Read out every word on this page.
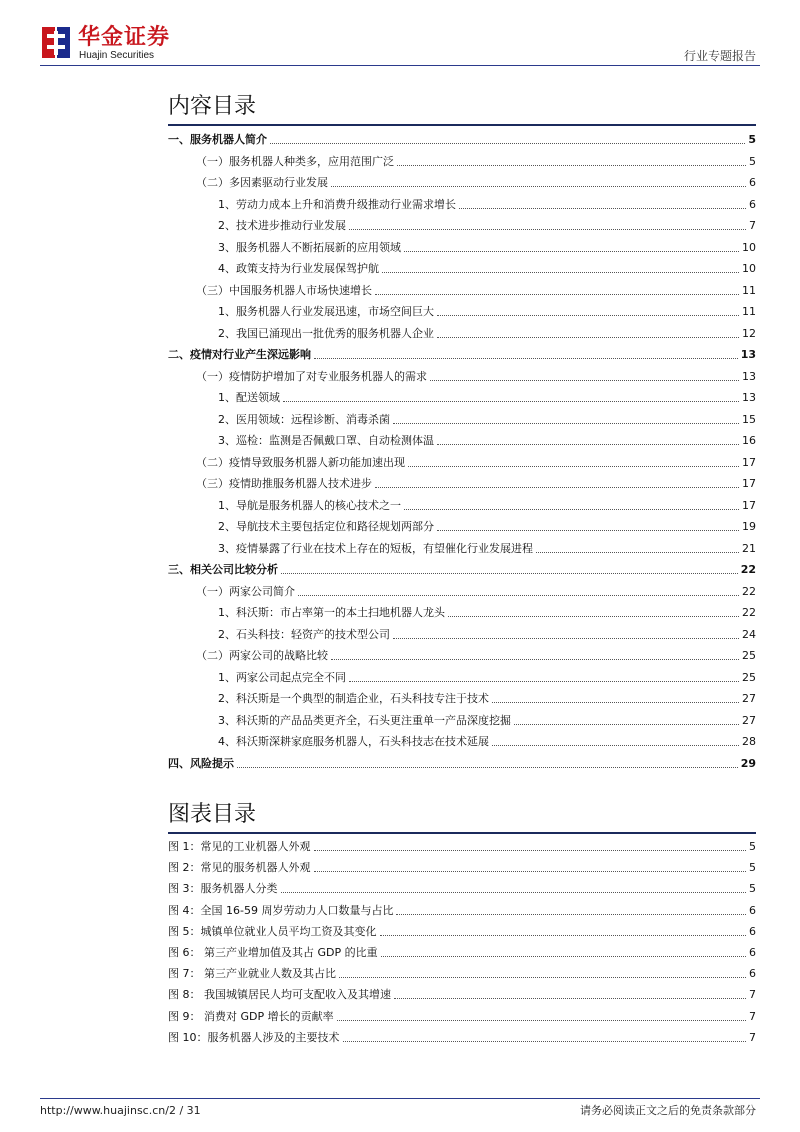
华金证券
Huajin Securities	行业专题报告
内容目录
一、服务机器人简介	5
（一）服务机器人种类多，应用范围广泛	5
（二）多因素驱动行业发展	6
1、劳动力成本上升和消费升级推动行业需求增长	6
2、技术进步推动行业发展	7
3、服务机器人不断拓展新的应用领域	10
4、政策支持为行业发展保驾护航	10
（三）中国服务机器人市场快速增长	11
1、服务机器人行业发展迅速，市场空间巨大	11
2、我国已涌现出一批优秀的服务机器人企业	12
二、疫情对行业产生深远影响	13
（一）疫情防护增加了对专业服务机器人的需求	13
1、配送领域	13
2、医用领域：远程诊断、消毒杀菌	15
3、巡检：监测是否佩戴口罩、自动检测体温	16
（二）疫情导致服务机器人新功能加速出现	17
（三）疫情助推服务机器人技术进步	17
1、导航是服务机器人的核心技术之一	17
2、导航技术主要包括定位和路径规划两部分	19
3、疫情暴露了行业在技术上存在的短板，有望催化行业发展进程	21
三、相关公司比较分析	22
（一）两家公司简介	22
1、科沃斯：市占率第一的本土扫地机器人龙头	22
2、石头科技：轻资产的技术型公司	24
（二）两家公司的战略比较	25
1、两家公司起点完全不同	25
2、科沃斯是一个典型的制造企业，石头科技专注于技术	27
3、科沃斯的产品品类更齐全，石头更注重单一产品深度挖掘	27
4、科沃斯深耕家庭服务机器人，石头科技志在技术延展	28
四、风险提示	29
图表目录
图 1：常见的工业机器人外观	5
图 2：常见的服务机器人外观	5
图 3：服务机器人分类	5
图 4：全国 16-59 周岁劳动力人口数量与占比	6
图 5：城镇单位就业人员平均工资及其变化	6
图 6： 第三产业增加值及其占 GDP 的比重	6
图 7： 第三产业就业人数及其占比	6
图 8： 我国城镇居民人均可支配收入及其增速	7
图 9： 消费对 GDP 增长的贡献率	7
图 10：服务机器人涉及的主要技术	7
http://www.huajinsc.cn/2 / 31	请务必阅读正文之后的免责条款部分
